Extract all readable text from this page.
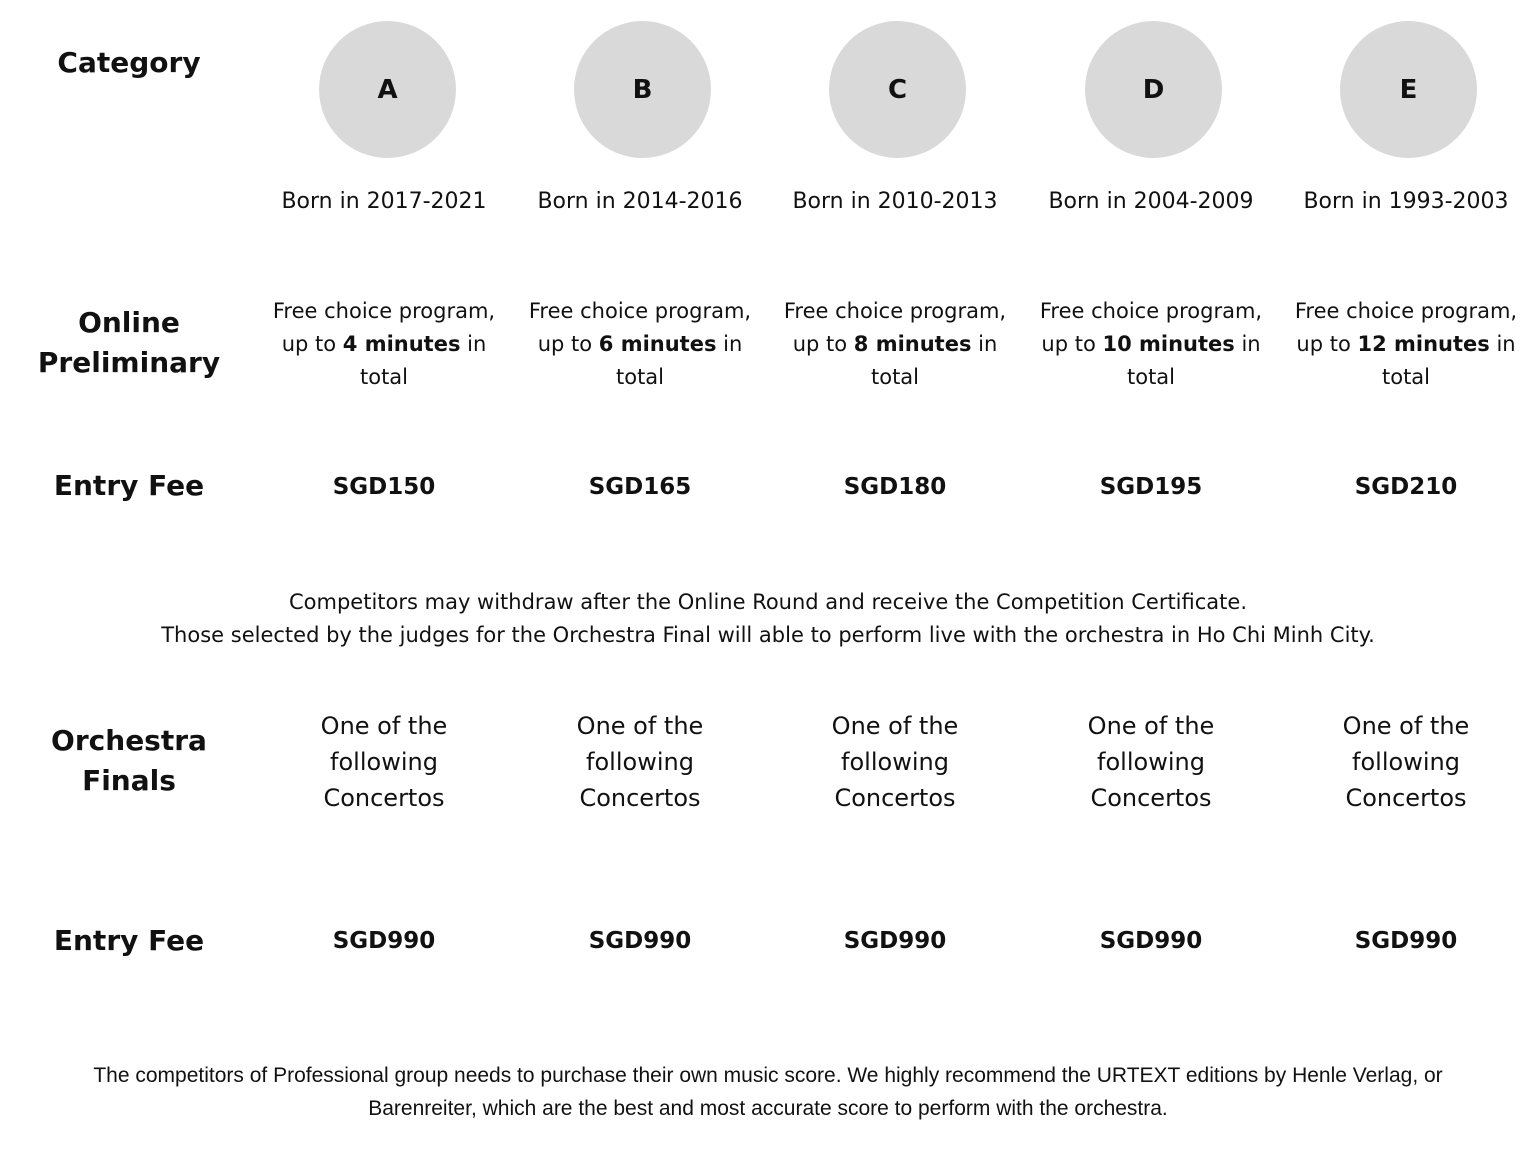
Category
Online
Preliminary
Entry Fee
Orchestra
Finals
Entry Fee
A
Born in 2017-2021
Free choice program, up to 4 minutes in total
SGD150
One of the following Concertos
SGD990
B
Born in 2014-2016
Free choice program, up to 6 minutes in total
SGD165
One of the following Concertos
SGD990
C
Born in 2010-2013
Free choice program, up to 8 minutes in total
SGD180
One of the following Concertos
SGD990
D
Born in 2004-2009
Free choice program, up to 10 minutes in total
SGD195
One of the following Concertos
SGD990
E
Born in 1993-2003
Free choice program, up to 12 minutes in total
SGD210
One of the following Concertos
SGD990
Competitors may withdraw after the Online Round and receive the Competition Certificate.
Those selected by the judges for the Orchestra Final will able to perform live with the orchestra in Ho Chi Minh City.
The competitors of Professional group needs to purchase their own music score. We highly recommend the URTEXT editions by Henle Verlag, or Barenreiter, which are the best and most accurate score to perform with the orchestra.
